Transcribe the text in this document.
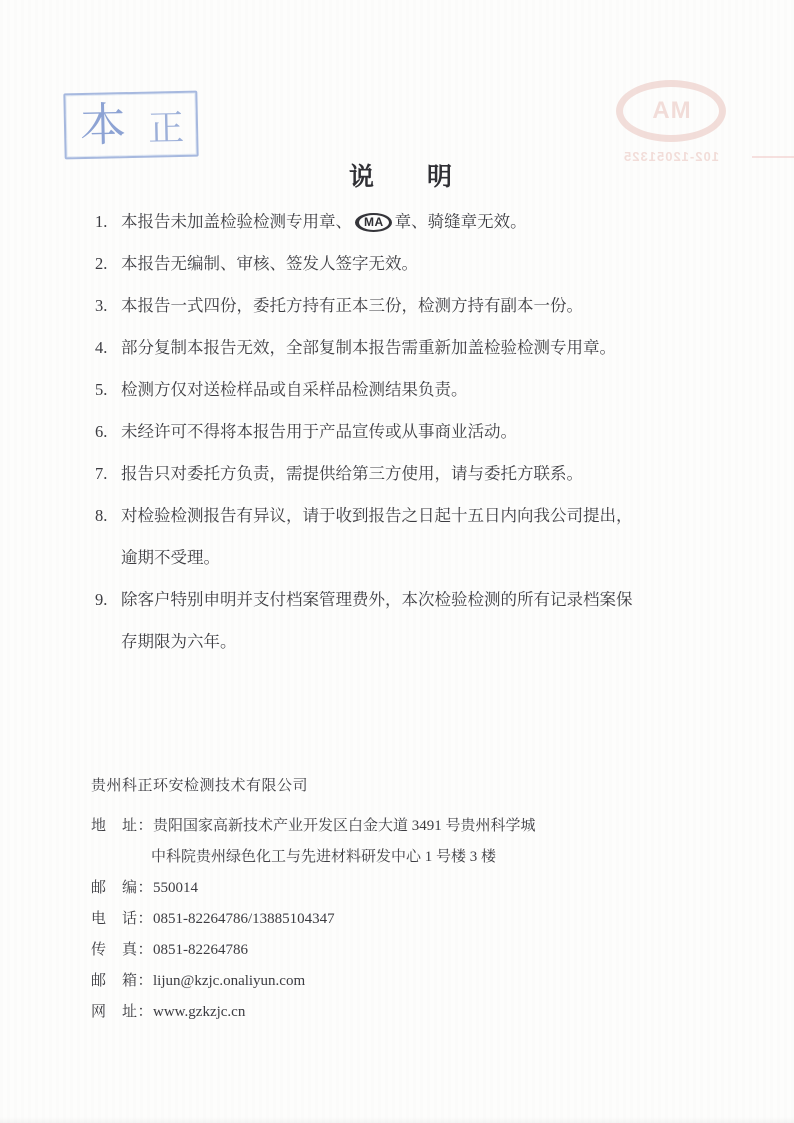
本 正	MA
102-12051325
说　　明
1. 本报告未加盖检验检测专用章、 MA 章、骑缝章无效。
2. 本报告无编制、审核、签发人签字无效。
3. 本报告一式四份，委托方持有正本三份，检测方持有副本一份。
4. 部分复制本报告无效，全部复制本报告需重新加盖检验检测专用章。
5. 检测方仅对送检样品或自采样品检测结果负责。
6. 未经许可不得将本报告用于产品宣传或从事商业活动。
7. 报告只对委托方负责，需提供给第三方使用，请与委托方联系。
8. 对检验检测报告有异议，请于收到报告之日起十五日内向我公司提出，
逾期不受理。
9. 除客户特别申明并支付档案管理费外，本次检验检测的所有记录档案保
存期限为六年。
贵州科正环安检测技术有限公司
地　址：贵阳国家高新技术产业开发区白金大道 3491 号贵州科学城
中科院贵州绿色化工与先进材料研发中心 1 号楼 3 楼
邮　编：550014
电　话：0851-82264786/13885104347
传　真：0851-82264786
邮　箱：lijun@kzjc.onaliyun.com
网　址：www.gzkzjc.cn
